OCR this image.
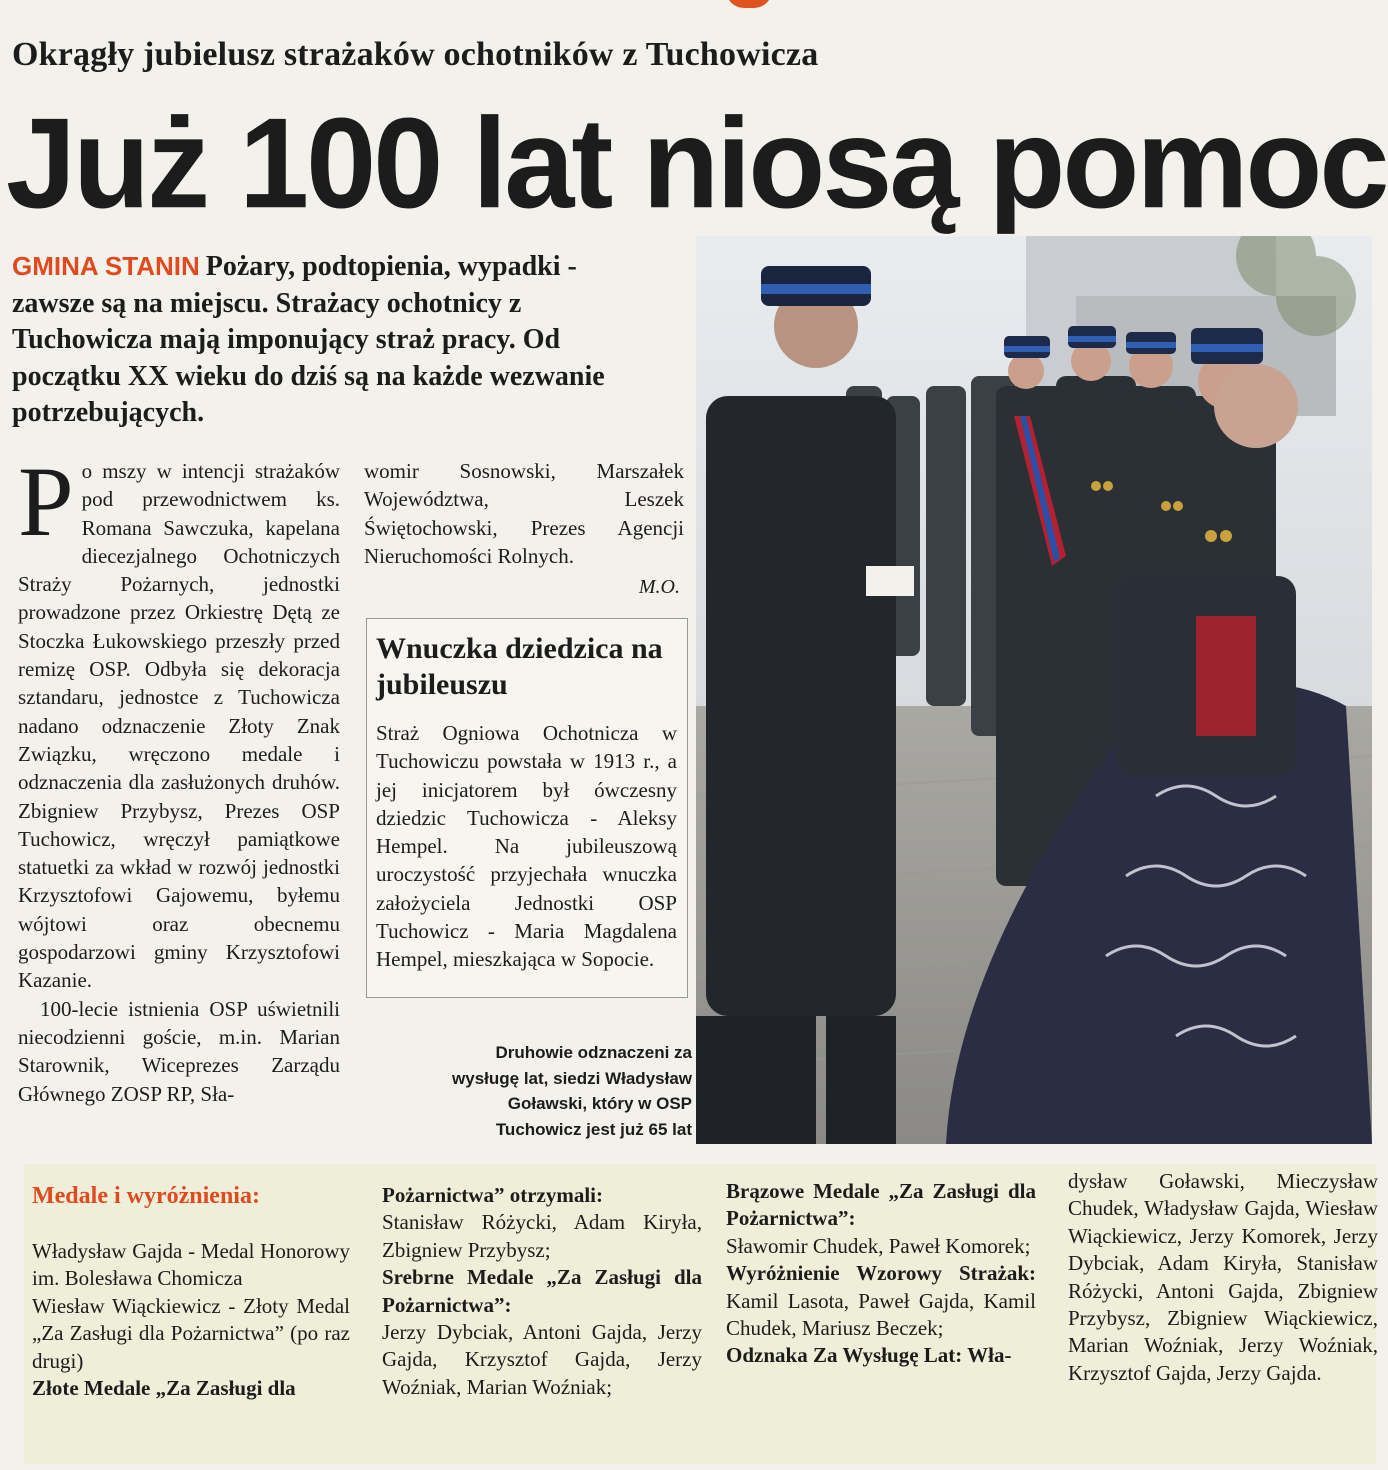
Okrągły jubielusz strażaków ochotników z Tuchowicza
Już 100 lat niosą pomoc

GMINA STANIN Pożary, podtopienia, wypadki - zawsze są na miejscu. Strażacy ochotnicy z Tuchowicza mają imponujący straż pracy. Od początku XX wieku do dziś są na każde wezwanie potrzebujących.

Po mszy w intencji strażaków pod przewodnictwem ks. Romana Sawczuka, kapelana diecezjalnego Ochotniczych Straży Pożarnych, jednostki prowadzone przez Orkiestrę Dętą ze Stoczka Łukowskiego przeszły przed remizę OSP. Odbyła się dekoracja sztandaru, jednostce z Tuchowicza nadano odznaczenie Złoty Znak Związku, wręczono medale i odznaczenia dla zasłużonych druhów. Zbigniew Przybysz, Prezes OSP Tuchowicz, wręczył pamiątkowe statuetki za wkład w rozwój jednostki Krzysztofowi Gajowemu, byłemu wójtowi oraz obecnemu gospodarzowi gminy Krzysztofowi Kazanie.

100-lecie istnienia OSP uświetnili niecodzienni goście, m.in. Marian Starownik, Wiceprezes Zarządu Głównego ZOSP RP, Sła-

womir Sosnowski, Marszałek Województwa, Leszek Świętochowski, Prezes Agencji Nieruchomości Rolnych.

M.O.
Wnuczka dziedzica na jubileuszu
Straż Ogniowa Ochotnicza w Tuchowiczu powstała w 1913 r., a jej inicjatorem był ówczesny dziedzic Tuchowicza - Aleksy Hempel. Na jubileuszową uroczystość przyjechała wnuczka założyciela Jednostki OSP Tuchowicz - Maria Magdalena Hempel, mieszkająca w Sopocie.
Druhowie odznaczeni za wysługę lat, siedzi Władysław Goławski, który w OSP Tuchowicz jest już 65 lat

Medale i wyróżnienia:

Władysław Gajda - Medal Honorowy im. Bolesława Chomicza

Wiesław Wiąckiewicz - Złoty Medal „Za Zasługi dla Pożarnictwa” (po raz drugi)

Złote Medale „Za Zasługi dla

Pożarnictwa” otrzymali:

Stanisław Różycki, Adam Kiryła, Zbigniew Przybysz;

Srebrne Medale „Za Zasługi dla Pożarnictwa”:

Jerzy Dybciak, Antoni Gajda, Jerzy Gajda, Krzysztof Gajda, Jerzy Woźniak, Marian Woźniak;

Brązowe Medale „Za Zasługi dla Pożarnictwa”:

Sławomir Chudek, Paweł Komorek;

Wyróżnienie Wzorowy Strażak: Kamil Lasota, Paweł Gajda, Kamil Chudek, Mariusz Beczek;

Odznaka Za Wysługę Lat: Wła-

dysław Goławski, Mieczysław Chudek, Władysław Gajda, Wiesław Wiąckiewicz, Jerzy Komorek, Jerzy Dybciak, Adam Kiryła, Stanisław Różycki, Antoni Gajda, Zbigniew Przybysz, Zbigniew Wiąckiewicz, Marian Woźniak, Jerzy Woźniak, Krzysztof Gajda, Jerzy Gajda.
